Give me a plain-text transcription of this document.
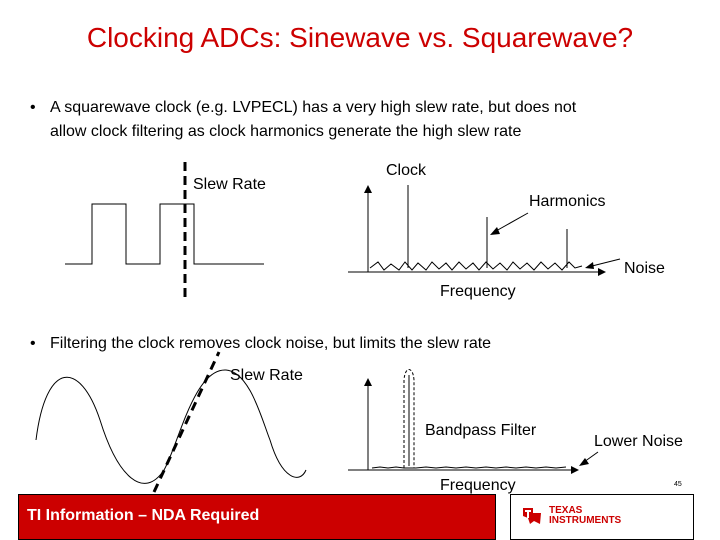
Clocking ADCs: Sinewave vs. Squarewave?
• A squarewave clock (e.g. LVPECL) has a very high slew rate, but does not
allow clock filtering as clock harmonics generate the high slew rate
• Filtering the clock removes clock noise, but limits the slew rate
Slew Rate
Clock
Harmonics
Noise
Frequency
Slew Rate
Bandpass Filter
Lower Noise
Frequency	45
TI Information – NDA Required	TEXAS
INSTRUMENTS
